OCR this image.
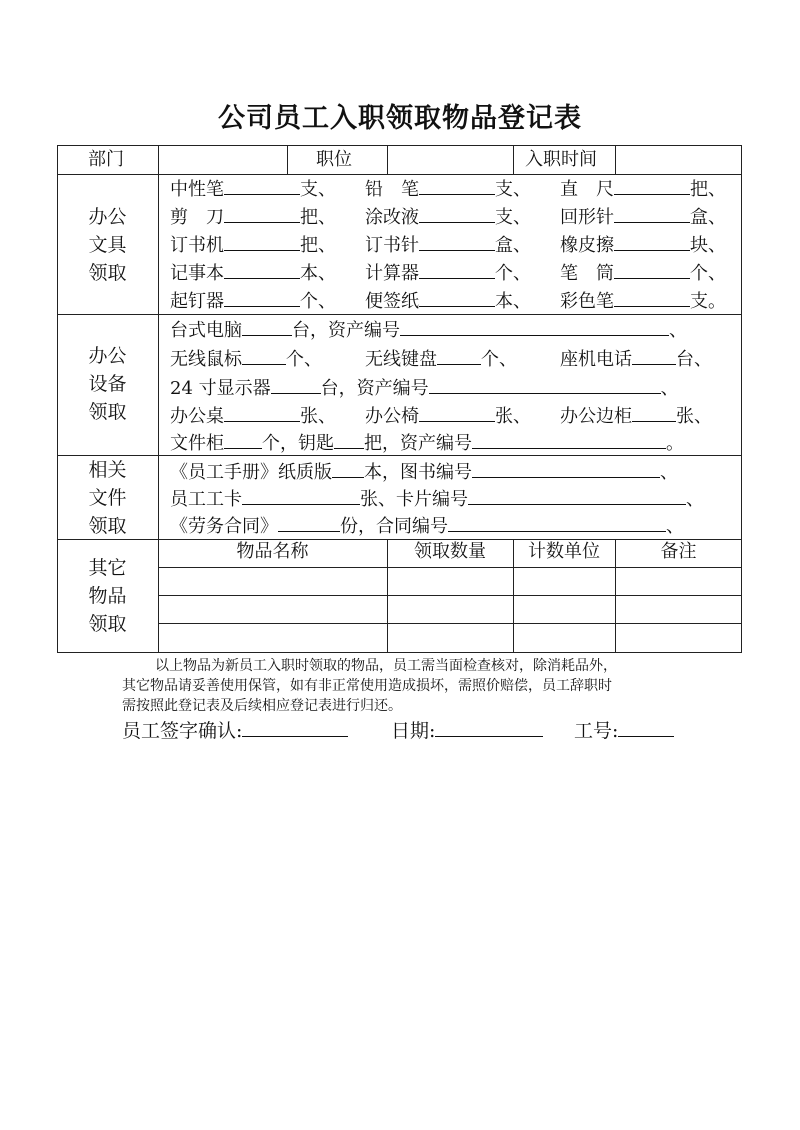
公司员工入职领取物品登记表
部门	职位	入职时间
办公
文具
领取
中性笔	支、 铅　笔	支、 直　尺	把、
剪　刀	把、 涂改液	支、 回形针	盒、
订书机	把、 订书针	盒、 橡皮擦	块、
记事本	本、 计算器	个、 笔　筒	个、
起钉器	个、 便签纸	本、 彩色笔	支。
办公
设备
领取
台式电脑	台，资产编号	、
无线鼠标 个、 无线键盘 个、 座机电话 台、
24 寸显示器	台，资产编号	、
办公桌	张、 办公椅	张、 办公边柜 张、
文件柜 个，钥匙 把，资产编号	。
相关
文件
领取
《员工手册》纸质版 本，图书编号	、
员工工卡	张、卡片编号	、
《劳务合同》	份，合同编号	、
其它
物品
领取
物品名称	领取数量	计数单位	备注
以上物品为新员工入职时领取的物品，员工需当面检查核对，除消耗品外，
其它物品请妥善使用保管，如有非正常使用造成损坏，需照价赔偿，员工辞职时
需按照此登记表及后续相应登记表进行归还。
员工签字确认:	日期:	工号:
